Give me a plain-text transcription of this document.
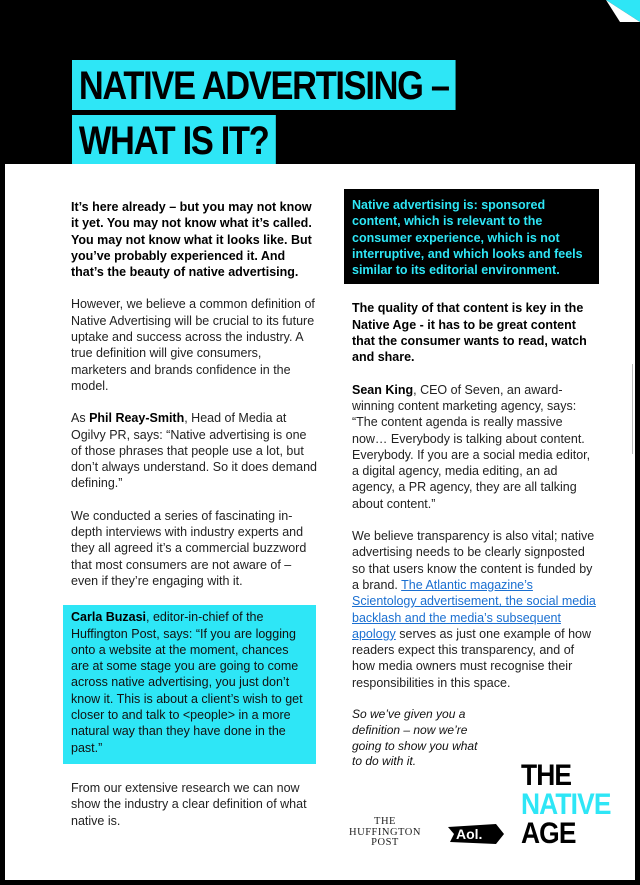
NATIVE ADVERTISING –
WHAT IS IT?

It’s here already – but you may not know it yet. You may not know what it’s called. You may not know what it looks like. But you’ve probably experienced it. And that’s the beauty of native advertising.

However, we believe a common definition of Native Advertising will be crucial to its future uptake and success across the industry. A true definition will give consumers, marketers and brands confidence in the model.

As Phil Reay-Smith, Head of Media at Ogilvy PR, says: “Native advertising is one of those phrases that people use a lot, but don’t always understand. So it does demand defining.”

We conducted a series of fascinating in-depth interviews with industry experts and they all agreed it’s a commercial buzzword that most consumers are not aware of – even if they’re engaging with it.

Carla Buzasi, editor-in-chief of the Huffington Post, says: “If you are logging onto a website at the moment, chances are at some stage you are going to come across native advertising, you just don’t know it. This is about a client’s wish to get closer to and talk to <people> in a more natural way than they have done in the past.”

From our extensive research we can now show the industry a clear definition of what native is.

Native advertising is: sponsored content, which is relevant to the consumer experience, which is not interruptive, and which looks and feels similar to its editorial environment.

The quality of that content is key in the Native Age - it has to be great content that the consumer wants to read, watch and share.

Sean King, CEO of Seven, an award-winning content marketing agency, says: “The content agenda is really massive now… Everybody is talking about content. Everybody. If you are a social media editor, a digital agency, media editing, an ad agency, a PR agency, they are all talking about content.”

We believe transparency is also vital; native advertising needs to be clearly signposted so that users know the content is funded by a brand. The Atlantic magazine’s Scientology advertisement, the social media backlash and the media’s subsequent apology serves as just one example of how readers expect this transparency, and of how media owners must recognise their responsibilities in this space.

So we’ve given you a definition – now we’re going to show you what to do with it.

THE
HUFFINGTON
POST
Aol.
THE
NATIVE
AGE
